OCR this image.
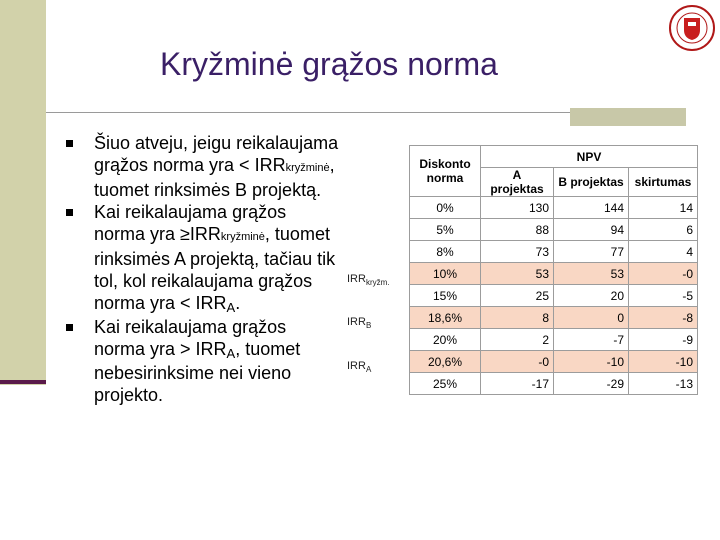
Kryžminė grąžos norma
Šiuo atveju, jeigu reikalaujama grąžos norma yra < IRRkryžminė, tuomet rinksimės B projektą.
Kai reikalaujama grąžos norma yra ≥IRRkryžminė, tuomet rinksimės A projektą, tačiau tik tol, kol reikalaujama grąžos norma yra < IRRA.
Kai reikalaujama grąžos norma yra > IRRA, tuomet nebesirinksime nei vieno projekto.
$IRR_{kryžm.}$
$IRR_B$
$IRR_A$
Diskonto norma	NPV		
	A projektas	B projektas	skirtumas
0%	130	144	14
5%	88	94	6
8%	73	77	4
10%	53	53	-0
15%	25	20	-5
18,6%	8	0	-8
20%	2	-7	-9
20,6%	-0	-10	-10
25%	-17	-29	-13
